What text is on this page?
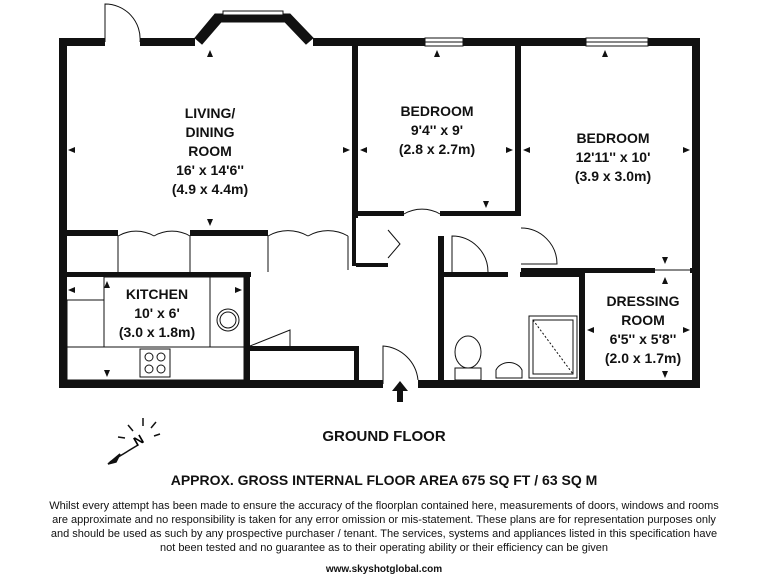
N
LIVING/
DINING
ROOM
16' x 14'6''
(4.9 x 4.4m)
BEDROOM
9'4'' x 9'
(2.8 x 2.7m)
BEDROOM
12'11'' x 10'
(3.9 x 3.0m)
KITCHEN
10' x 6'
(3.0 x 1.8m)
DRESSING
ROOM
6'5'' x 5'8''
(2.0 x 1.7m)
GROUND FLOOR
APPROX. GROSS INTERNAL FLOOR AREA 675 SQ FT / 63 SQ M
Whilst every attempt has been made to ensure the accuracy of the floorplan contained here, measurements of doors, windows and rooms are approximate and no responsibility is taken for any error omission or mis-statement. These plans are for representation purposes only and should be used as such by any prospective purchaser / tenant. The services, systems and appliances listed in this specification have not been tested and no guarantee as to their operating ability or their efficiency can be given
www.skyshotglobal.com
